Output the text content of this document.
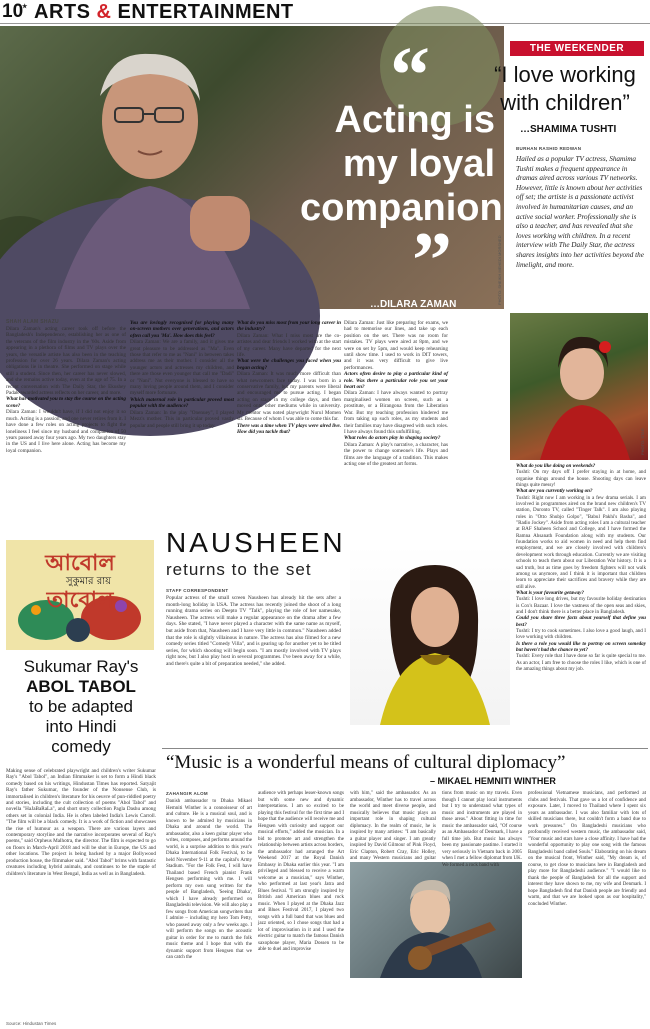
10
★ ARTS & ENTERTAINMENT
“
Acting is
my loyal
companion
”
…DILARA ZAMAN	PHOTO: SHEIKH MEHEDI MORSHED
SHAH ALAM SHAZU

Dilara Zaman's acting career took off before the Bangladesh's Independence, establishing her as one of the veterans of the film industry in the '60s. Aside from appearing in a plethora of films and TV plays over the years, the versatile artiste has also been in the teaching profession for over 26 years. Dilara Zaman's acting obligations lie in theatre. She performed on stage while still a student. Since then, her career has never slowed, and she remains active today, even at the age of 75. In a recent conversation with The Daily Star, the Ekushey Padak-awarded actress reflects on her career, and more.

What has motivated you to stay the course on the acting scene?

Dilara Zaman: I wouldn't have, if I did not enjoy it so much. Acting is a passion, and one never retires from it. I have done a few roles on acting projects to fight the loneliness I feel since my husband and companion of 50 years passed away four years ago. My two daughters stay in the US and I live here alone. Acting has become my loyal companion.

You are lovingly recognised for playing many on-screen mothers over generations, and actors often call you 'Ma'. How does this feel?

Dilara Zaman: We are a family, and it gives me great pleasure to be addressed as "Ma". Even those that refer to me as "Nani" in between takes address me as their mother. I consider all the younger actors and actresses my children, and there are those even younger that call me "Dadi" or "Nani". Nut everyone is blessed to have so many loving people around them, and I consider myself more fortunate.

Which maternal role in particular proved most popular with the audience?

Dilara Zaman: In the play "Onenuey", I played Mezz's mother. This in particular proved vastly popular and people still bring it up today.

What do you miss most from your long career in the industry?

Dilara Zaman: What I miss most are the co-artistes and dear friends I worked with at the start of my career. Many have departed for the next life.

What were the challenges you faced when you began acting?

Dilara Zaman: It was much more difficult than what newcomers face today. I was born in a conservative family, but my parents were liberal and encouraged me to pursue acting. I began acting on stage in my college days, and then moved onto other mediums while in university. My mentor was noted playwright Nurul Momen sir. Because of whom I was able to come this far.

There was a time when TV plays were aired live. How did you tackle that?

Dilara Zaman: Just like preparing for exams, we had to memorise our lines, and take up each position on the set. There was no room for mistakes. TV plays were aired at 8pm, and we were on set by 5pm, and would keep rehearsing until show time. I used to work in DIT towers, and it was very difficult to give live performances.

Actors often desire to play a particular kind of role. Was there a particular role you set your heart on?

Dilara Zaman: I have always wanted to portray marginalised women on screen, such as a prostitute, or a Birangona from the Liberation War. But my teaching profession hindered me from taking up such roles, as my students and their families may have disagreed with such roles. I have always found this unfulfilling.

What roles do actors play in shaping society?

Dilara Zaman: A play's narrative, a character, has the power to change someone's life. Plays and films are the language of a tradition. This makes acting one of the greatest art forms.

THE WEEKENDER
“I love working
with children”
…SHAMIMA TUSHTI
BURHAN RASHID REDWAN
Hailed as a popular TV actress, Shamima Tushti makes a frequent appearance in dramas aired across various TV networks. However, little is known about her activities off set; the artiste is a passionate activist involved in humanitarian causes, and an active social worker. Professionally she is also a teacher, and has revealed that she loves working with children. In a recent interview with The Daily Star, the actress shares insights into her activities beyond the limelight, and more.
PHOTO: STAR

What do you like doing on weekends?

Tushti: On my days off I prefer staying in at home, and organise things around the house. Shooting days can leave things quite messy!

What are you currently working on?

Tushti: Right now I am working in a few drama serials. I am involved in programmes aired on the brand new children's TV station, Duronto TV, called "Tinger Talk". I am also playing roles in "Otto Shubjo Golpo", "Babul Pakhi's Basha", and "Radio Jockey". Aside from acting roles I am a cultural teacher at BAF Shaheen School and College, and I have formed the Ramna Ahsanath Foundation along with my students. Our foundation works to aid women in need and help them find employment, and we are closely involved with children's development work through education. Currently we are visiting schools to teach them about our Liberation War history. It is a sad truth, but as time goes by freedom fighters will not walk among us anymore, and I think it is important that children learn to appreciate their sacrifices and bravery while they are still alive.

What is your favourite getaway?

Tushti: I love long drives, but my favourite holiday destination is Cox's Bazaar. I love the vastness of the open seas and skies, and I don't think there is a better place in Bangladesh.

Could you share three facts about yourself that define you best?

Tushti: I try to cook sometimes. I also love a good laugh, and I love working with children.

Is there a role you would like to portray on screen someday but haven't had the chance to yet?

Tushti: Every role that I have done so far is quite special to me. As an actor, I am free to choose the roles I like, which is one of the amazing things about my job.

আবোল তাবোল
সুকুমার রায়
Sukumar Ray's
ABOL TABOL
to be adapted
into Hindi
comedy
Making sense of celebrated playwright and children's writer Sukumar Ray's "Abol Tabol", an Indian filmmaker is set to form a Hindi black comedy based on his writings, Hindustan Times has reported. Satyajit Ray's father Sukumar, the founder of the Nonsense Club, is immortalised in children's literature for his oeuvre of pun-riddled poetry and stories, including the cult collection of poems "Abol Tabol" and novella "HaJaBaRaLa", and short story collection Pagla Dashu among others set in colonial India. He is often labeled India's Lewis Carroll. "The film will be a black comedy. It is a work of fiction and showcases the rise of humour as a weapon. There are various layers and contemporary storyline and the narrative incorporates several of Ray's poems," said Orpheus Malhotra, the director. The film is expected to go on floors in March-April 2018 and will be shot in Europe, the US and other locations. The project is being backed by a major Bollywood production house, the filmmaker said. "Abol Tabol" brims with fantastic creatures including hybrid animals, and continues to be the staple of children's literature in West Bengal, India as well as in Bangladesh.
Source: Hindustan Times
NAUSHEEN
returns to the set
STAFF CORRESPONDENT
Popular actress of the small screen Nausheen has already hit the sets after a month-long holiday in USA. The actress has recently joined the shoot of a long running drama series on Deepto TV "Talk", playing the role of her namesake, Nausheen. The actress will make a regular appearance on the drama after a few days. She stated, "I have never played a character with the same name as myself, but aside from that, Nausheen and I have very little in common." Nausheen added that the role is slightly villainous in nature. The actress has also filmed for a new comedy series titled "Comedy Villa", and is gearing up for another yet to be titled series, for which shooting will begin soon. "I am mostly involved with TV plays right now, but I also play host in several programmes. I've been away for a while, and there's quite a bit of preparation needed," she added.
“Music is a wonderful means of cultural diplomacy”
– MIKAEL HEMNITI WINTHER
ZAHANGIR ALOM
Danish ambassador to Dhaka Mikael Hemniti Winther is a connoisseur of art and culture. He is a musical soul, and is known to be admired by musicians in Dhaka and around the world. The ambassador, also a keen guitar player who writes, composes, and performs around the world, is a surprise addition to this year's Dhaka International Folk Festival, to be held November 9-11 at the capital's Army Stadium. "For the Folk Fest, I will have Thailand based French pianist Frank Hengsen performing with me. I will perform my own song written for the people of Bangladesh, 'Seeing Dhaka', which I have already performed on Bangladeshi television. We will also play a few songs from American songwriters that I admire – including my hero Tom Petty, who passed away only a few weeks ago. I will perform the songs on the acoustic guitar in order for me to match the folk music theme and I hope that with the dynamic support from Hengsen that we can catch the
audience with perhaps lesser-known songs but with some new and dynamic interpretations. I am so excited to be playing this festival for the first time and I hope that the audience will receive me and Hengsen with curiosity and support our musical efforts," added the musician. In a bid to promote art and strengthen the relationship between artists across borders, the ambassador had arranged the Art Weekend 2017 at the Royal Danish Embassy in Dhaka earlier this year. "I am privileged and blessed to receive a warm welcome as a musician," says Winther, who performed at last year's Jatra and Blues festival. "I am strongly inspired by British and American blues and rock music. When I played at the Dhaka Jazz and Blues Festival 2017, I played two songs with a full band that was blues and jazz oriented, so I chose songs that had a lot of improvisation in it and I used the electric guitar to match the famous Danish saxophone player, Maria Dossen to be able to duel and improvise

with him," said the ambassador. As an ambassador, Winther has to travel across the world and meet diverse people, and musically believes that music plays an important role in shaping cultural diplomacy. In the realm of music, he is inspired by many artistes: "I am basically a guitar player and singer. I am greatly inspired by David Gilmour of Pink Floyd, Eric Clapton, Robert Cray, Eric Holley, and many Western musicians and guitar

tions from music on my travels. Even though I cannot play local instruments but I try to understand what types of music and instruments are played in those areas." About fitting in time for music the ambassador said, "Of course as an Ambassador of Denmark, I have a full time job. But music has always been my passionate pastime. I started it very seriously in Vietnam back in 2005 when I met a fellow diplomat from UK. We formed a rock band with
professional Vietnamese musicians, and performed at clubs and festivals. That gave us a lot of confidence and exposure. Later, I moved to Thailand where I spent six years as ambassador. I was also familiar with lots of skilled musicians there, but couldn't form a band due to work pressures." On Bangladeshi musicians who profoundly received western music, the ambassador said, "Your music and stars have a close affinity. I have had the wonderful opportunity to play one song with the famous Bangladeshi band called Souls." Elaborating on his dream on the musical front, Winther said, "My dream is, of course, to get close to musicians here in Bangladesh and play more for Bangladeshi audience." "I would like to thank the people of Bangladesh for all the support and interest they have shown to me, my wife and Denmark. I hope Bangladesh find that Danish people are friendly and warm, and that we are looked upon as our hospitality," concluded Winther.
